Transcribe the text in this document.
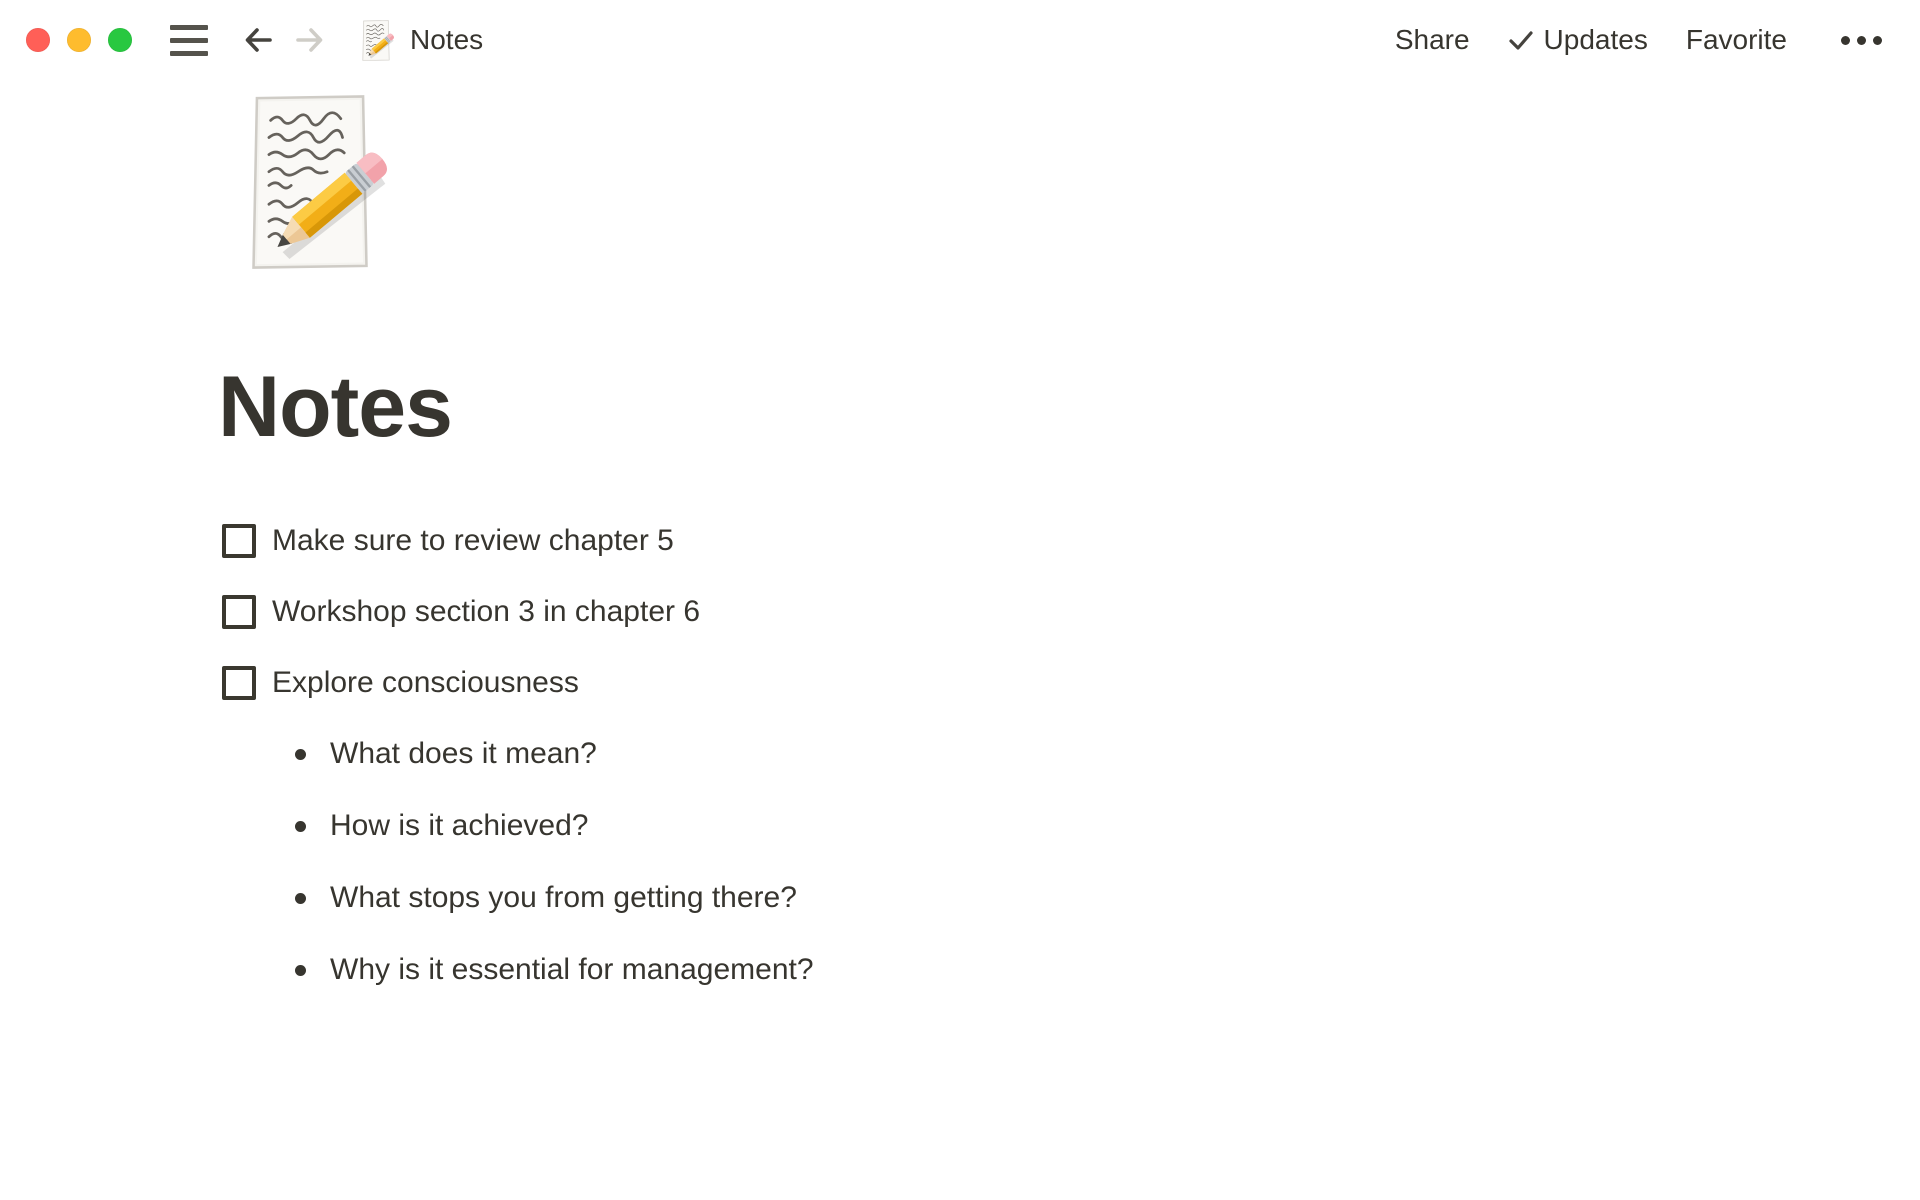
Notes	Share	Updates Favorite
Notes
Make sure to review chapter 5
Workshop section 3 in chapter 6
Explore consciousness
What does it mean?
How is it achieved?
What stops you from getting there?
Why is it essential for management?
